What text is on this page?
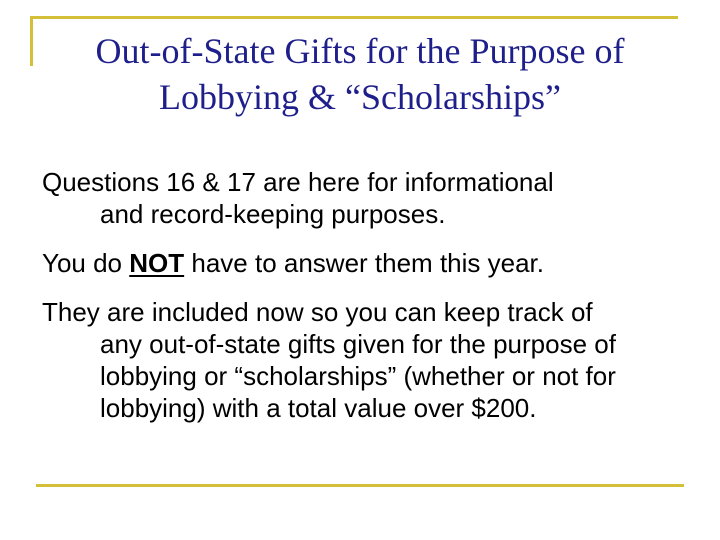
Out-of-State Gifts for the Purpose of
Lobbying & “Scholarships”

Questions 16 & 17 are here for informational
and record-keeping purposes.

You do NOT have to answer them this year.

They are included now so you can keep track of
any out-of-state gifts given for the purpose of
lobbying or “scholarships” (whether or not for
lobbying) with a total value over $200.
